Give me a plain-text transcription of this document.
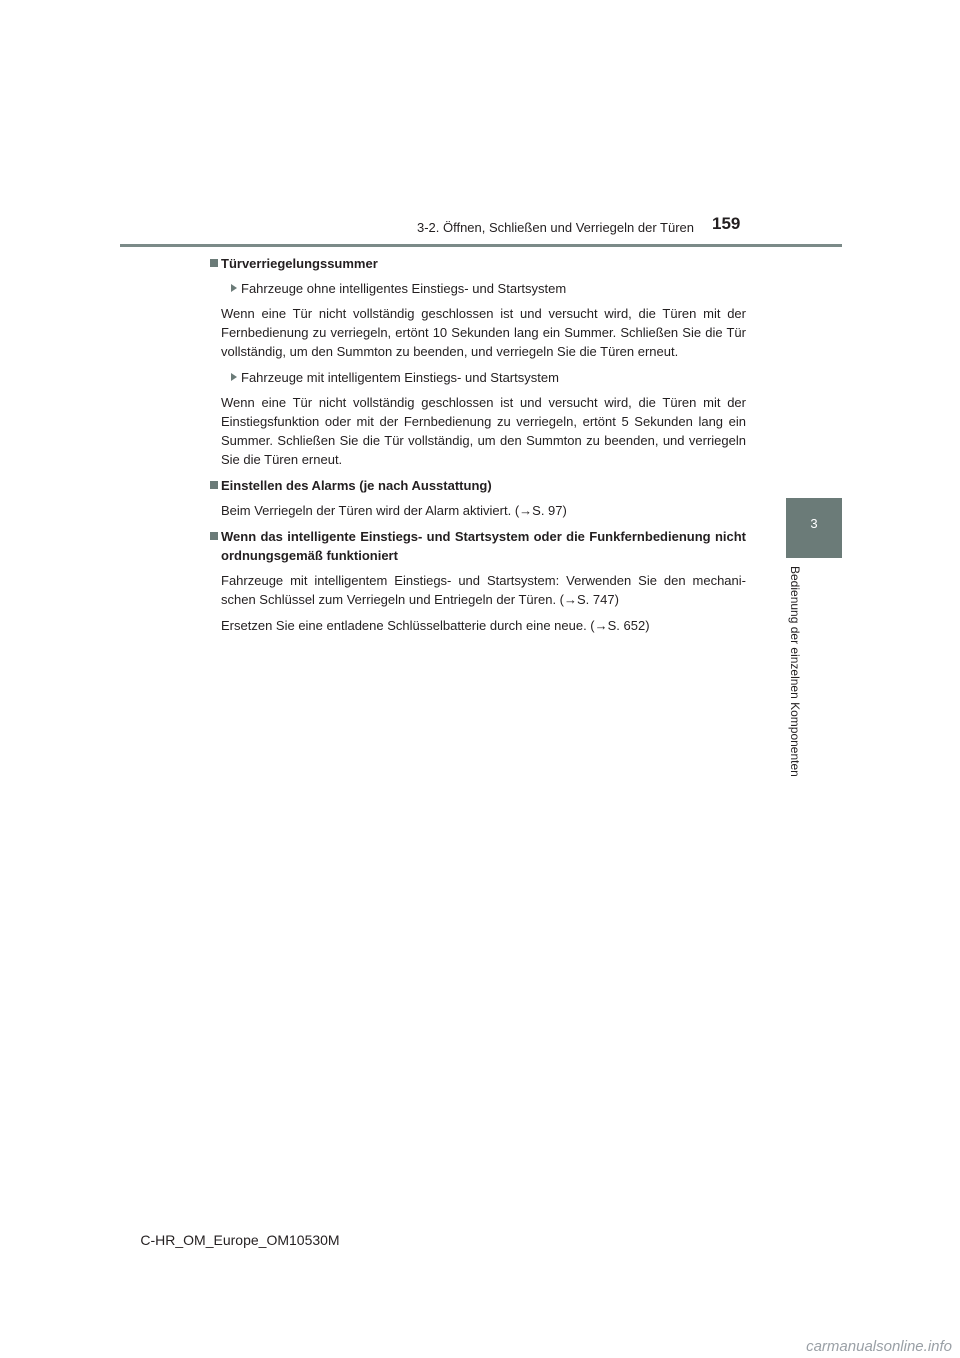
3-2. Öffnen, Schließen und Verriegeln der Türen 159
3
Bedienung der einzelnen Komponenten
Türverriegelungssummer
Fahrzeuge ohne intelligentes Einstiegs- und Startsystem

Wenn eine Tür nicht vollständig geschlossen ist und versucht wird, die Türen mit der Fernbedienung zu verriegeln, ertönt 10 Sekunden lang ein Summer. Schließen Sie die Tür vollständig, um den Summton zu beenden, und verriegeln Sie die Türen erneut.

Fahrzeuge mit intelligentem Einstiegs- und Startsystem

Wenn eine Tür nicht vollständig geschlossen ist und versucht wird, die Türen mit der Einstiegsfunktion oder mit der Fernbedienung zu verriegeln, ertönt 5 Sekunden lang ein Summer. Schließen Sie die Tür vollständig, um den Summton zu beenden, und verriegeln Sie die Türen erneut.

Einstellen des Alarms (je nach Ausstattung)

Beim Verriegeln der Türen wird der Alarm aktiviert. (→S. 97)

Wenn das intelligente Einstiegs- und Startsystem oder die Funkfernbedienung nicht ordnungsgemäß funktioniert

Fahrzeuge mit intelligentem Einstiegs- und Startsystem: Verwenden Sie den mechani-schen Schlüssel zum Verriegeln und Entriegeln der Türen. (→S. 747)

Ersetzen Sie eine entladene Schlüsselbatterie durch eine neue. (→S. 652)

C-HR_OM_Europe_OM10530M
carmanualsonline.info
